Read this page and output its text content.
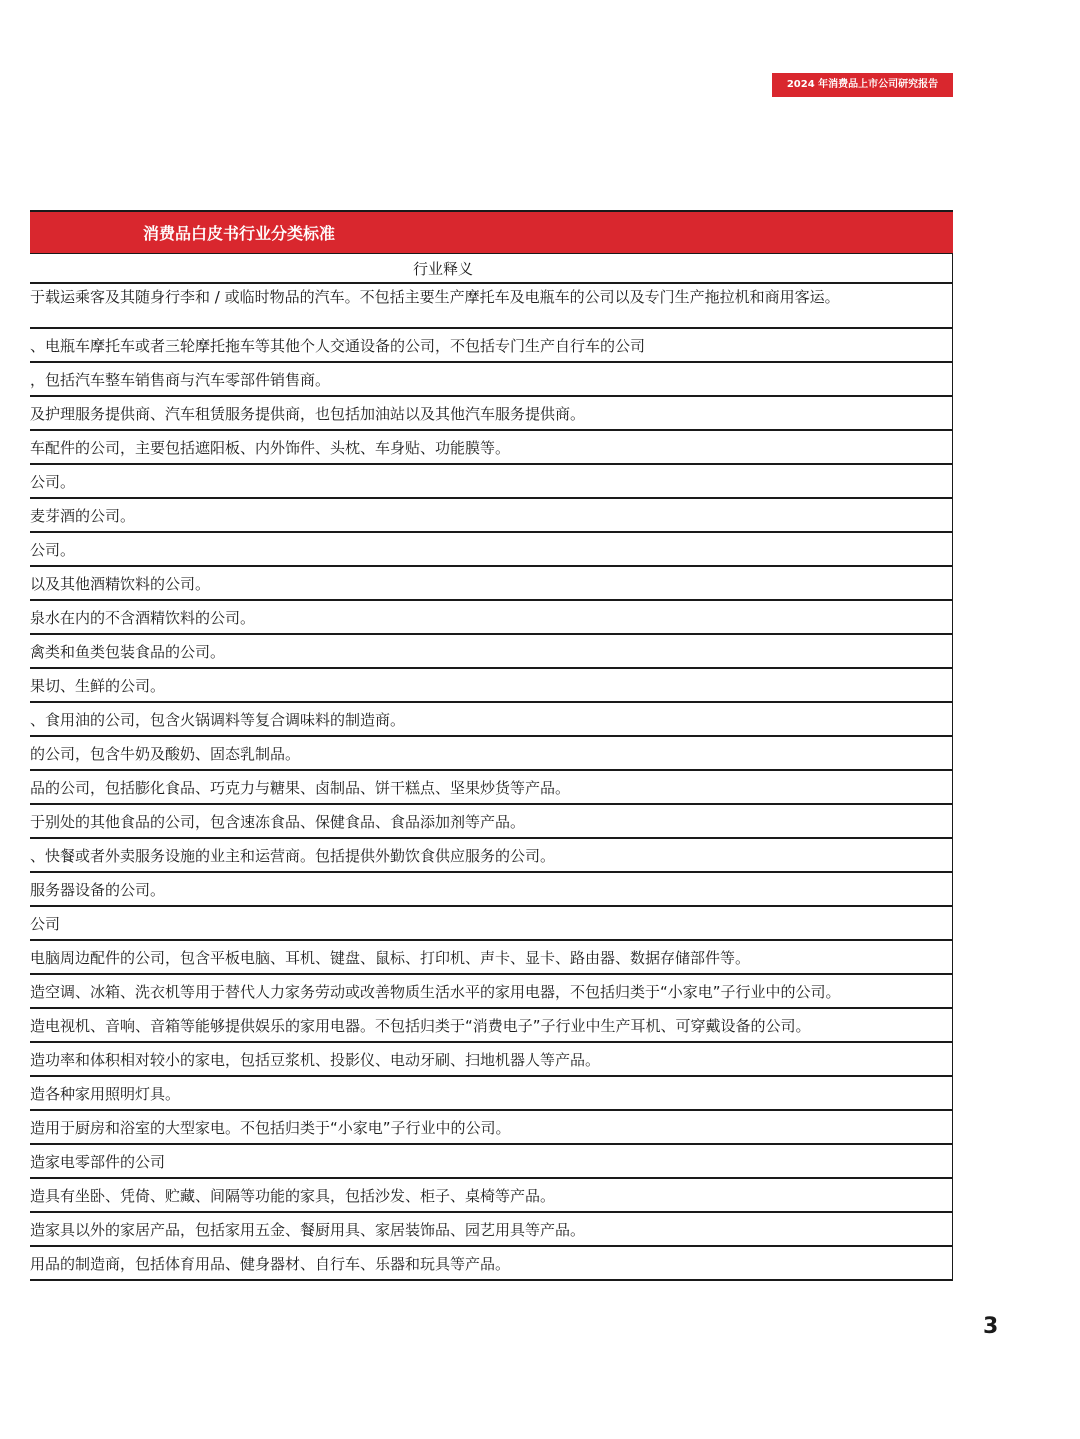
2024 年消费品上市公司研究报告
消费品白皮书行业分类标准
行业释义
于载运乘客及其随身行李和 / 或临时物品的汽车。不包括主要生产摩托车及电瓶车的公司以及专门生产拖拉机和商用客运。
、电瓶车摩托车或者三轮摩托拖车等其他个人交通设备的公司，不包括专门生产自行车的公司
，包括汽车整车销售商与汽车零部件销售商。
及护理服务提供商、汽车租赁服务提供商，也包括加油站以及其他汽车服务提供商。
车配件的公司，主要包括遮阳板、内外饰件、头枕、车身贴、功能膜等。
公司。
麦芽酒的公司。
公司。
以及其他酒精饮料的公司。
泉水在内的不含酒精饮料的公司。
禽类和鱼类包装食品的公司。
果切、生鲜的公司。
、食用油的公司，包含火锅调料等复合调味料的制造商。
的公司，包含牛奶及酸奶、固态乳制品。
品的公司，包括膨化食品、巧克力与糖果、卤制品、饼干糕点、坚果炒货等产品。
于别处的其他食品的公司，包含速冻食品、保健食品、食品添加剂等产品。
、快餐或者外卖服务设施的业主和运营商。包括提供外勤饮食供应服务的公司。
服务器设备的公司。
公司
电脑周边配件的公司，包含平板电脑、耳机、键盘、鼠标、打印机、声卡、显卡、路由器、数据存储部件等。
造空调、冰箱、洗衣机等用于替代人力家务劳动或改善物质生活水平的家用电器，不包括归类于“小家电”子行业中的公司。
造电视机、音响、音箱等能够提供娱乐的家用电器。不包括归类于“消费电子”子行业中生产耳机、可穿戴设备的公司。
造功率和体积相对较小的家电，包括豆浆机、投影仪、电动牙刷、扫地机器人等产品。
造各种家用照明灯具。
造用于厨房和浴室的大型家电。不包括归类于“小家电”子行业中的公司。
造家电零部件的公司
造具有坐卧、凭倚、贮藏、间隔等功能的家具，包括沙发、柜子、桌椅等产品。
造家具以外的家居产品，包括家用五金、餐厨用具、家居装饰品、园艺用具等产品。
用品的制造商，包括体育用品、健身器材、自行车、乐器和玩具等产品。
3
